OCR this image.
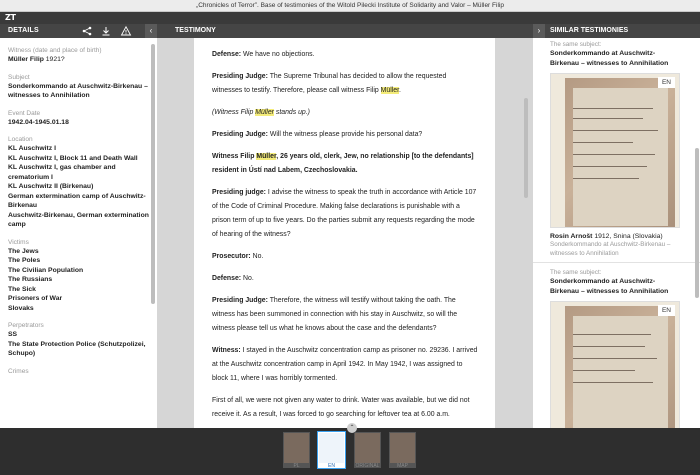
„Chronicles of Terror”. Base of testimonies of the Witold Pilecki Institute of Solidarity and Valor – Müller Filip
ZT
DETAILS	‹
Witness (date and place of birth)
Müller Filip 1921?
Subject
Sonderkommando at Auschwitz-Birkenau – witnesses to Annihilation
Event Date
1942.04-1945.01.18
Location
KL Auschwitz I
KL Auschwitz I, Block 11 and Death Wall
KL Auschwitz I, gas chamber and crematorium I
KL Auschwitz II (Birkenau)
German extermination camp of Auschwitz-Birkenau
Auschwitz-Birkenau, German extermination camp
Victims
The Jews
The Poles
The Civilian Population
The Russians
The Sick
Prisoners of War
Slovaks
Perpetrators
SS
The State Protection Police (Schutzpolizei, Schupo)
Crimes
TESTIMONY

Defense: We have no objections.

Presiding Judge: The Supreme Tribunal has decided to allow the requested witnesses to testify. Therefore, please call witness Filip Müller.

(Witness Filip Müller stands up.)

Presiding Judge: Will the witness please provide his personal data?

Witness Filip Müller, 26 years old, clerk, Jew, no relationship [to the defendants] resident in Ústí nad Labem, Czechoslovakia.

Presiding judge: I advise the witness to speak the truth in accordance with Article 107 of the Code of Criminal Procedure. Making false declarations is punishable with a prison term of up to five years. Do the parties submit any requests regarding the mode of hearing of the witness?

Prosecutor: No.

Defense: No.

Presiding Judge: Therefore, the witness will testify without taking the oath. The witness has been summoned in connection with his stay in Auschwitz, so will the witness please tell us what he knows about the case and the defendants?

Witness: I stayed in the Auschwitz concentration camp as prisoner no. 29236. I arrived at the Auschwitz concentration camp in April 1942. In May 1942, I was assigned to block 11, where I was horribly tormented.

First of all, we were not given any water to drink. Water was available, but we did not receive it. As a result, I was forced to go searching for leftover tea at 6.00 a.m.

›	SIMILAR TESTIMONIES
The same subject:
Sonderkommando at Auschwitz-Birkenau – witnesses to Annihilation
EN
Rosin Arnošt 1912, Snina (Slovakia)
Sonderkommando at Auschwitz-Birkenau – witnesses to Annihilation
The same subject:
Sonderkommando at Auschwitz-Birkenau – witnesses to Annihilation
EN
⌃
PL	EN	ORIGINAL	MAP
